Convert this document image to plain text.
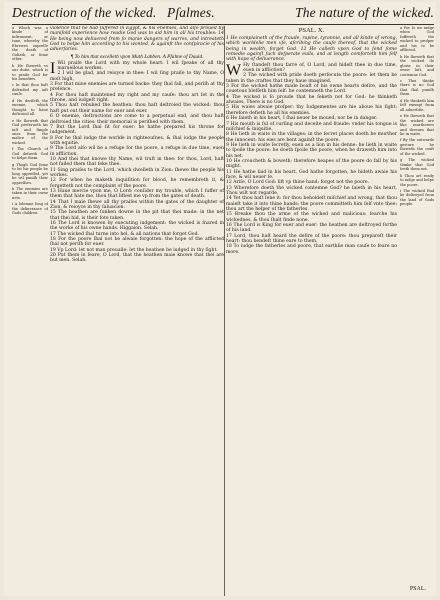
Destruction of the wicked. Pſalmes.	The nature of the wicked.

a Which was a kinde of inſtrument, or tune, whereby the Ebrewes expreſſe the death of Goliath, or ſome other.

b He ſheweth vs our dutie, which is to praiſe God for his benefites.

c In that thou haſt defended my iuſt cauſe.

d He deriſeth the enemie, which thought to haue deſtroied all.

e He ſheweth that God preſerueth his iuſt and ſimple ones from the malice of the wicked.

f The Church of God deſireth God to helpe them.

g Thogh God ſeme to let his people be long oppreſſed, yet he wil puniſh their oppreſſors.

h The enemies are taken in their owne nets.

i A ſolemne ſong of the deliuerance of Gods children.

violence that he had ſuffered in Egypt, & his enemies, and alſo proued by manifold experience how readie God was to aid him in all his troubles: 14 He being now deliuered from ſo manie dangers of warres, and intreateth God to helpe him according to his wonted, & againſt the conſpiracie of his aduerſaries.

¶ To him that excelleth vpon Muth Labben. A Pſalme of Dauid.

I Wil praiſe the Lord with my whole heart: I wil ſpeake of all thy marueilous workes.

2 I wil be glad, and reioyce in thee: I wil ſing praiſe to thy Name, O moſt high,

3 For that mine enemies are turned backe: they ſhal fall, and periſh at thy preſence.

4 For thou haſt maintened my right and my cauſe: thou art ſet in the throne, and iudgeſt right.

5 Thou haſt rebuked the heathen: thou haſt deſtroied the wicked: thou haſt put out their name for euer and euer.

6 O enemie, deſtructions are come to a perpetual end, and thou haſt deſtroied the cities: their memorial is periſhed with them.

7 But the Lord ſhal ſit for euer: he hathe prepared his throne for iudgement.

8 For he ſhal iudge the worlde in righteouſnes, & ſhal iudge the people with equitie.

9 The Lord alſo wil be a refuge for the poore, a refuge in due time, euen in affliction.

10 And thei that knowe thy Name, wil truſt in thee: for thou, Lord, haſt not failed them that ſeke thee.

11 Sing praiſes to the Lord, which dwelleth in Zion: ſhewe the people his workes.

12 For when he maketh inquiſition for blood, he remembreth it, & forgetteth not the complaint of the poore.

13 Haue mercie vpon me, O Lord: conſider my trouble, which I ſuffer of them that hate me, thou that liftest me vp from the gates of death.

14 That I maie ſhewe all thy praiſes within the gates of the daughter of Zion, & reioyce in thy ſaluacion.

15 The heathen are ſunken downe in the pit that thei made: in the net that thei hid, is their fote taken.

16 The Lord is knowen by executing iudgement: the wicked is ſnared in the worke of his owne hands. Higgaion. Selah.

17 The wicked ſhal turne into hel, & all nations that forget God.

18 For the poore ſhal not be alwaie forgotten: the hope of the afflicted ſhal not periſh for euer.

19 Vp Lord: let not man preuaile: let the heathen be iudged in thy ſight.

20 Put them in feare, O Lord, that the heathen maie knowe that thei are but men. Selah.

PSAL. X.

1 He complaineth of the fraude, rapine, tyrannie, and all kinde of wrong, which worldelie men vſe, aſcribing the cauſe thereof, that the wicked being in wealth, forget God. 12 He calleth vpon God to ſend ſome remedie againſt ſuch deſperate euils, and at length comforteth him ſelf with hope of deliuerance.

W Hy ſtandeſt thou farre of, O Lord, and hideſt thee in due time, euen in affliction?

2 The wicked with pride doeth perſecute the poore: let them be taken in the craftes that they haue imagined.

3 For the wicked hathe made boaſt of his owne hearts deſire, and the couetous bleſſeth him ſelf: he contemneth the Lord.

4 The wicked is ſo proude that he ſeketh not for God: he thinketh alwaies, There is no God.

5 His waies alwaie proſper: thy Iudgementes are hie aboue his ſight: therefore defieth he all his enemies.

6 He ſaieth in his heart, I ſhal neuer be moued, nor be in danger.

7 His mouth is ful of curſing and deceite and fraude: vnder his tongue is miſchief & iniquitie.

8 He lieth in waite in the villages: in the ſecret places doeth he murther the innocent: his eies are bent againſt the poore.

9 He lieth in waite ſecretly, euen as a lion in his denne: he lieth in waite to ſpoile the poore: he doeth ſpoile the poore, when he draweth him into his net.

10 He croucheth & boweth: therefore heapes of the poore do fall by his might.

11 He hathe ſaid in his heart, God hathe forgotten, he hideth awaie his face, & wil neuer ſe.

12 Ariſe, O Lord God: lift vp thine hand: forget not the poore.

13 Wherefore doeth the wicked contemne God? he ſaieth in his heart, Thou wilt not regarde.

14 Yet thou haſt ſene it: for thou beholdeſt miſchief and wrong, that thou maieſt take it into thine hands: the poore committeth him ſelf vnto thee: thou art the helper of the fatherles.

15 Breake thou the arme of the wicked and malicious: ſearche his wickednes, & thou ſhalt finde none.

16 The Lord is King for euer and euer: the heathen are deſtroyed forthe of his land.

17 Lord, thou haſt heard the deſire of the poore: thou prepareſt their heart: thou bendeſt thine eare to them,

18 To iudge the fatherles and poore, that earthlie man cauſe to feare no more.

a For ſo we iudge when God ſuffereth the wicked to proſper and his to be afflicted.

b He ſheweth that the wicked do glorie in their owne luſt, and contemne God.

c Thei thinke there is no God that ſhal puniſh them.

d He thinketh him ſelf exempt from all aduerſitie.

e He ſheweth that the wicked are like murtherers and theeues that lie in waite.

f By the outwarde gesture he ſheweth the craft of the wicked.

g The wicked thinke that God ſeeth them not.

h Thou art ready to iudge and helpe the poore.

i The wicked ſhal be deſtroyed from the land of Gods people.

PSAL.
